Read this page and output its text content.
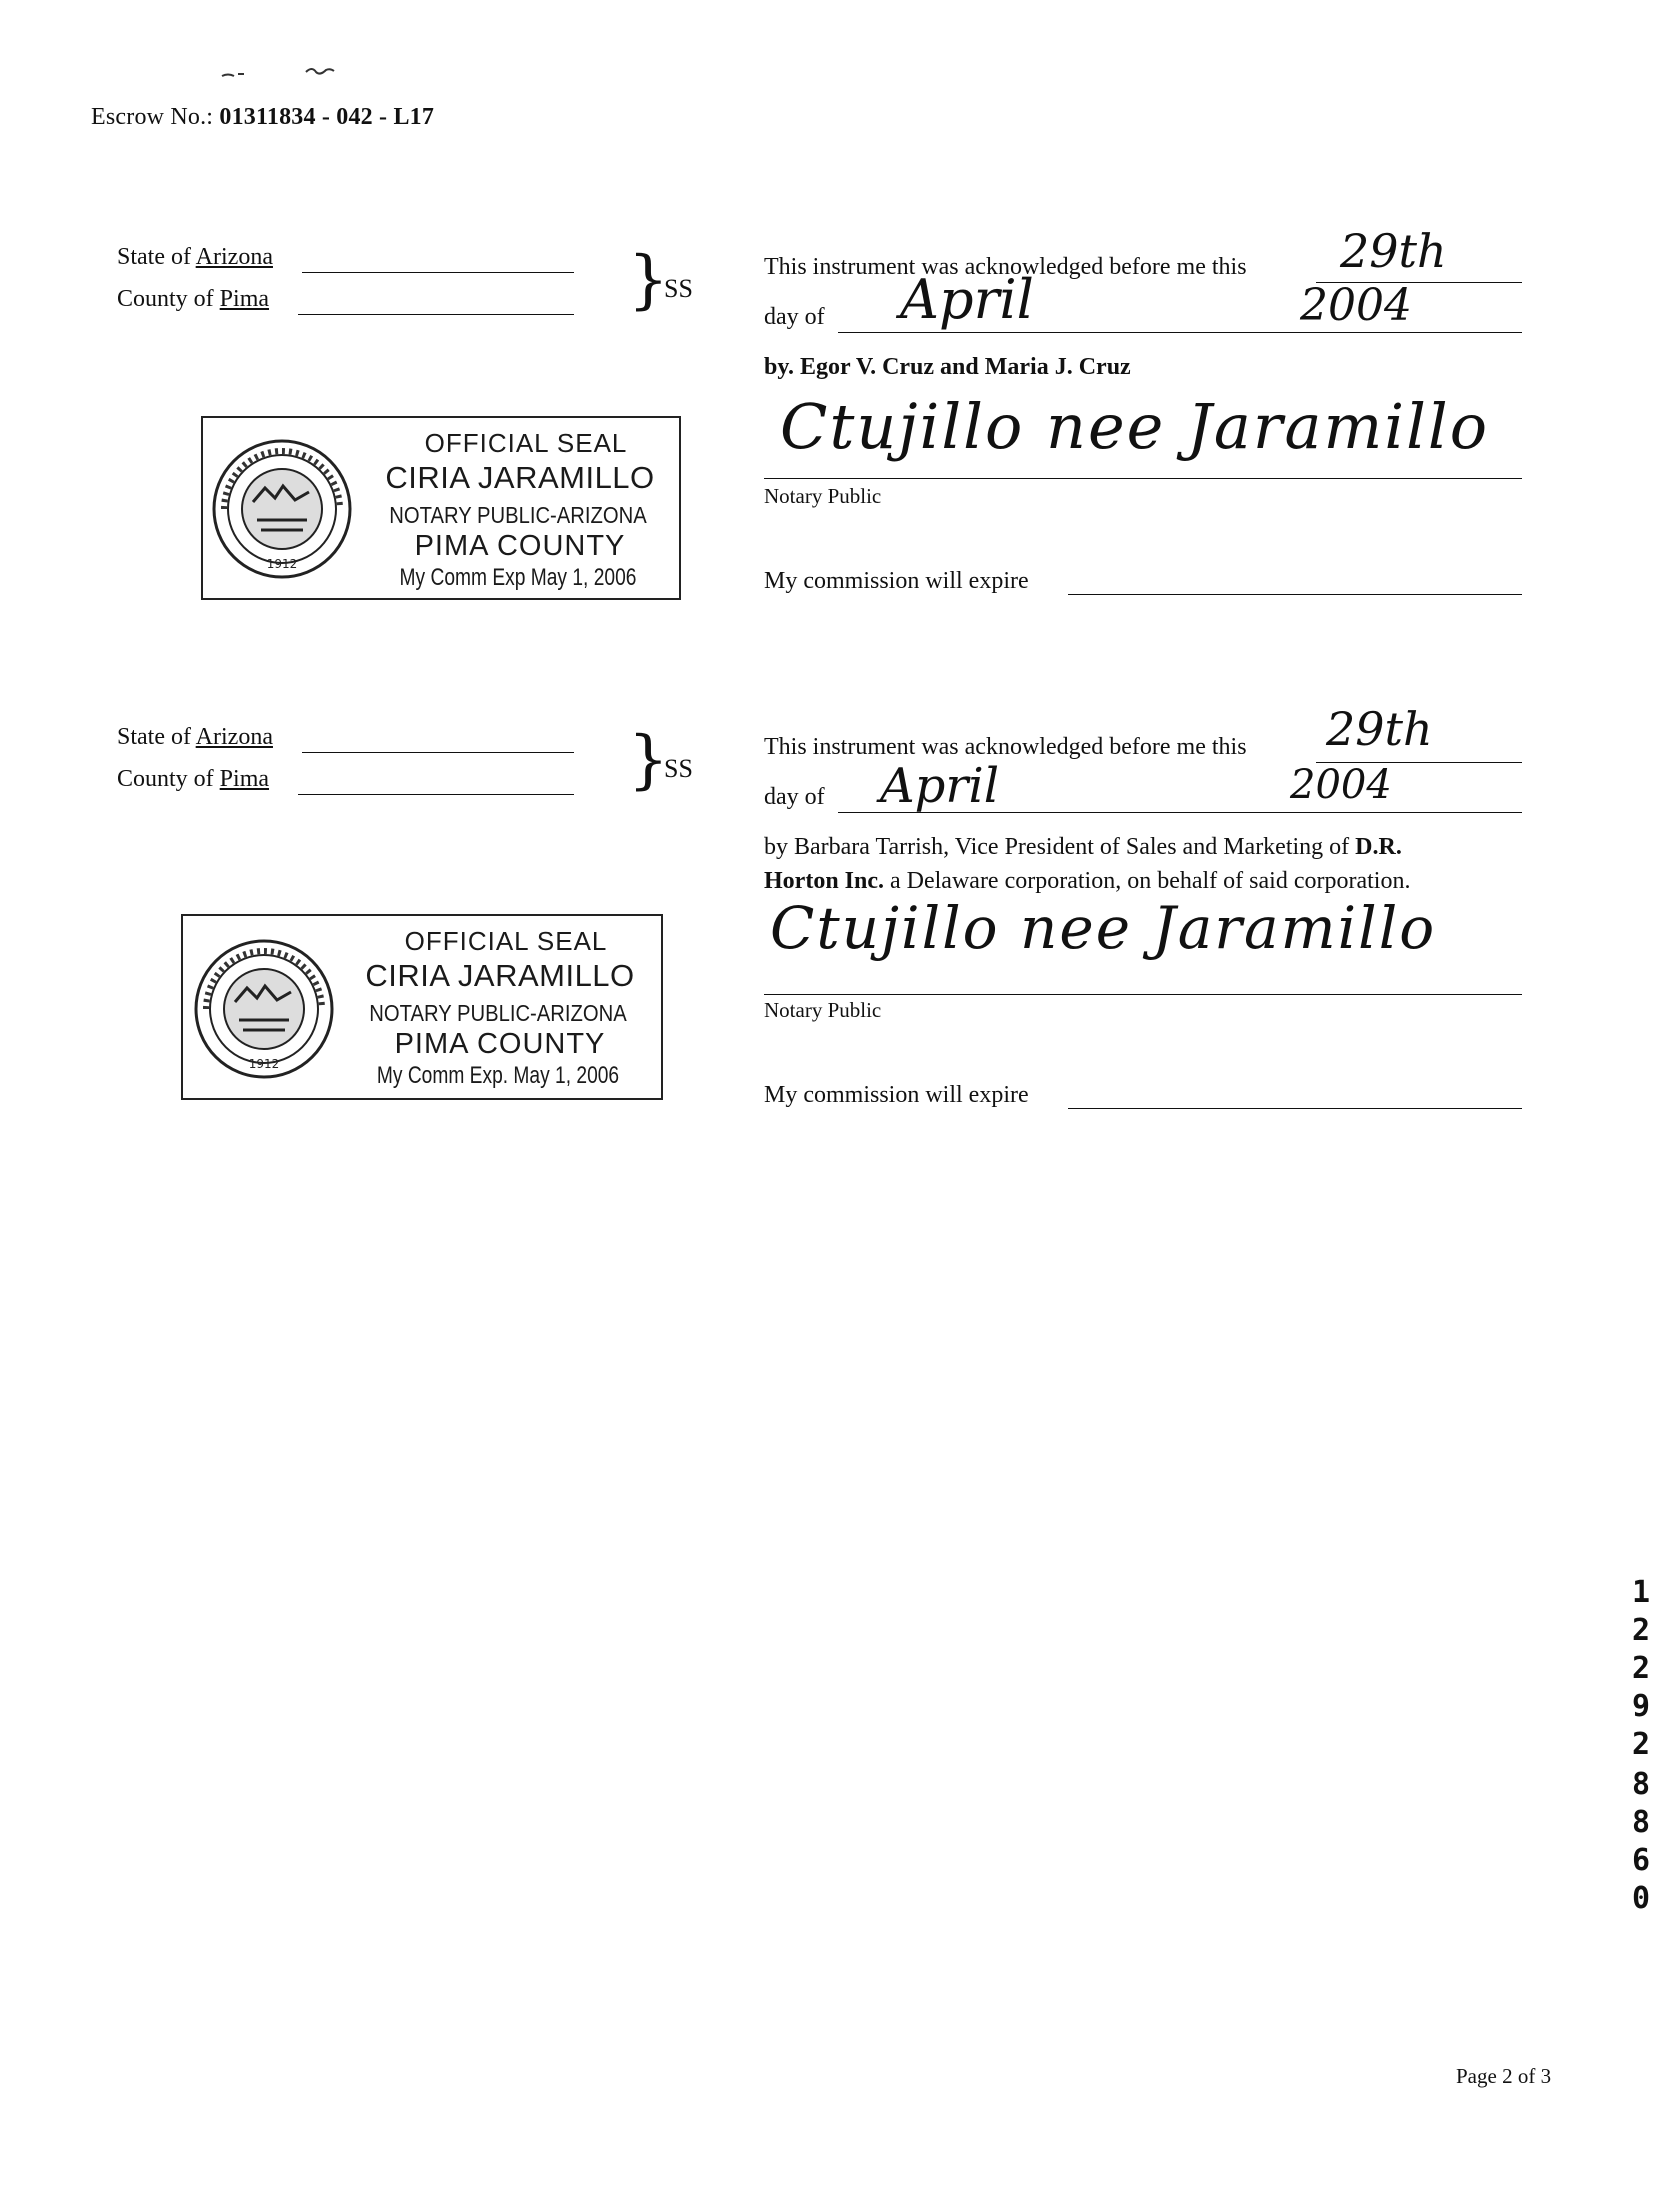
Escrow No.: 01311834 - 042 - L17
State of Arizona
County of Pima	}
SS
This instrument was acknowledged before me this	29th
day of	April	2004
by. Egor V. Cruz and Maria J. Cruz
Ctujillo nee Jaramillo
Notary Public
My commission will expire
1912
OFFICIAL SEAL
CIRIA JARAMILLO
NOTARY PUBLIC-ARIZONA
PIMA COUNTY
My Comm Exp May 1, 2006
State of Arizona
County of Pima	}
SS
This instrument was acknowledged before me this	29th
day of	April	2004
by Barbara Tarrish, Vice President of Sales and Marketing of D.R.
Horton Inc. a Delaware corporation, on behalf of said corporation.
Ctujillo nee Jaramillo
Notary Public
My commission will expire
1912
OFFICIAL SEAL
CIRIA JARAMILLO
NOTARY PUBLIC-ARIZONA
PIMA COUNTY
My Comm Exp. May 1, 2006
1
2
2
9
2
8
8
6
0
Page 2 of 3
